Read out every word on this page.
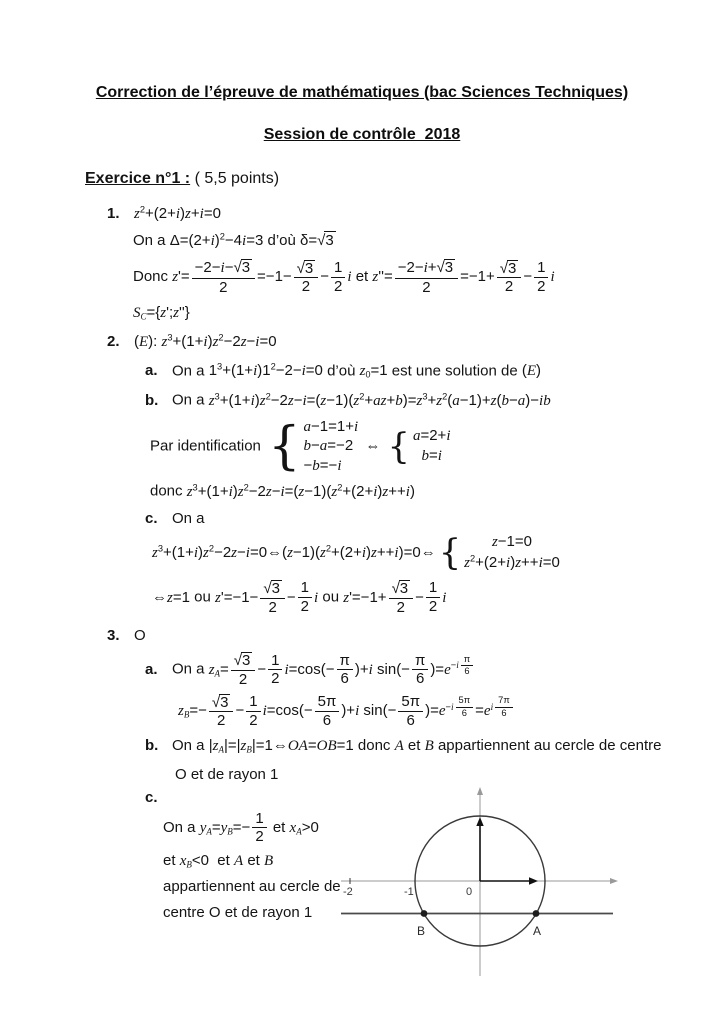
Correction de l’épreuve de mathématiques (bac Sciences Techniques)
Session de contrôle  2018
Exercice n°1 : ( 5,5 points)
1. $z^2+(2+i)z+i=0$
On a $\Delta=(2+i)^2-4i=3$ d’où δ=√3
Donc $z'= \frac{-2-i-√3}{2} =-1- \frac{√3}{2} - \frac{1}{2}$ i et $z''= \frac{-2-i+√3}{2} =-1+ \frac{√3}{2} - \frac{1}{2}$ i
$S_C=\{z';z''\}$
2. (E): $z^3+(1+i)z^2-2z-i=0$
a. On a $1^3+(1+i)1^2-2-i=0$ d’où $z_0=1$ est une solution de (E)
b. On a $z^3+(1+i)z^2-2z-i=(z-1)(z^2+az+b)=z^3+z^2(a-1)+z(b-a)-ib$
Par identification { a−1=1+i
b−a=−2
−b=−i
⇔ { a=2+i
b=i
donc $z^3+(1+i)z^2-2z-i=(z-1)(z^2+(2+i)z++i)$
c. On a
$z^3+(1+i)z^2-2z-i=0\Leftrightarrow(z-1)(z^2+(2+i)z++i)=0\Leftrightarrow$ { z−1=0
$z^2+(2+i)z++i=0$
⇔z=1 ou $z'=-1- \frac{√3}{2} - \frac{1}{2}$ i ou $z'=-1+ \frac{√3}{2} - \frac{1}{2}$ i
3. O
a. On a $z_A= \frac{√3}{2} - \frac{1}{2} i=\cos(- \frac{\pi}{6} )+i$ $\sin(- \frac{\pi}{6} )=e^{-i \frac{\pi}{6}}$
$z_B=- \frac{√3}{2} - \frac{1}{2} i=\cos(- \frac{5\pi}{6} )+i$ $\sin(- \frac{5\pi}{6} )=e^{-i \frac{5\pi}{6}} =e^{i \frac{7\pi}{6}}$
b. On a $|z_A|=|z_B|=1\Leftrightarrow OA=OB=1$ donc A et B appartiennent au cercle de centre
O et de rayon 1
c.
On a $y_A=y_B=- \frac{1}{2}$ et $x_A>0$
et $x_B<0$  et A et B
appartiennent au cercle de
centre O et de rayon 1
-2	-1	0
A
B
